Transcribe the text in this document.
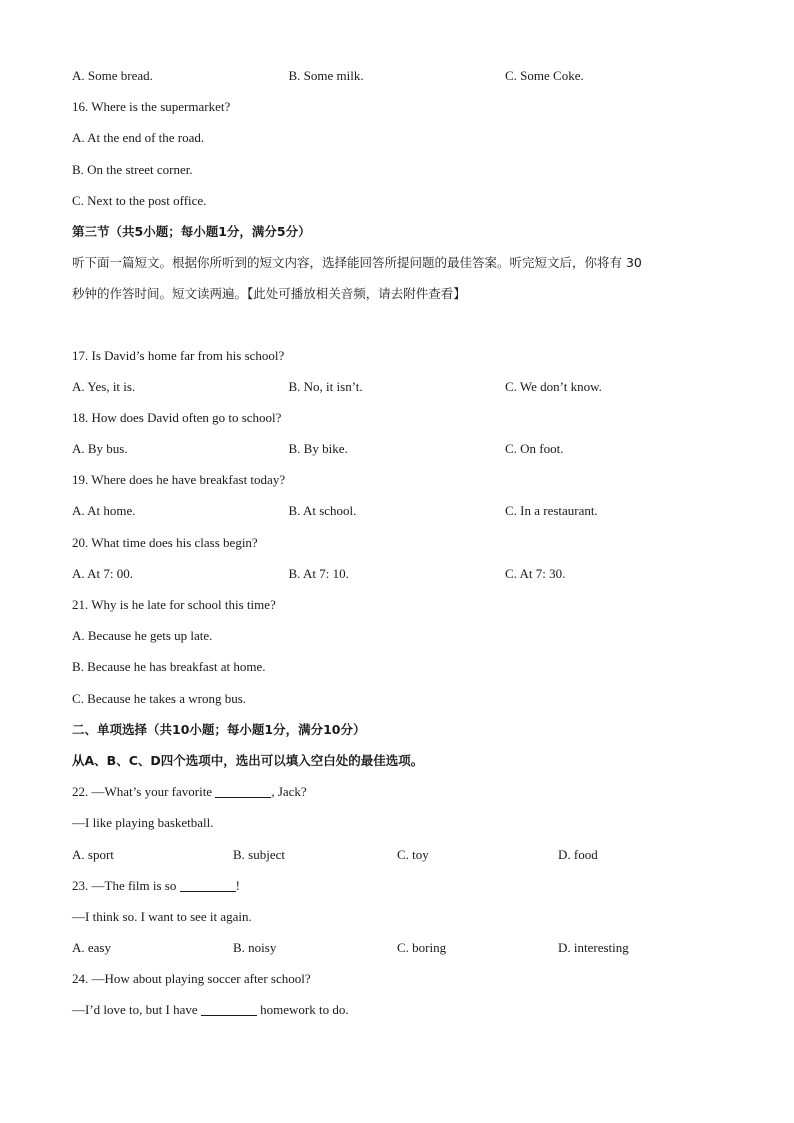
A. Some bread.	B. Some milk.	C. Some Coke.
16. Where is the supermarket?
A. At the end of the road.
B. On the street corner.
C. Next to the post office.
第三节（共5小题；每小题1分，满分5分）
听下面一篇短文。根据你所听到的短文内容，选择能回答所提问题的最佳答案。听完短文后，你将有 30
秒钟的作答时间。短文读两遍。【此处可播放相关音频，请去附件查看】
17. Is David’s home far from his school?
A. Yes, it is.	B. No, it isn’t.	C. We don’t know.
18. How does David often go to school?
A. By bus.	B. By bike.	C. On foot.
19. Where does he have breakfast today?
A. At home.	B. At school.	C. In a restaurant.
20. What time does his class begin?
A. At 7: 00.	B. At 7: 10.	C. At 7: 30.
21. Why is he late for school this time?
A. Because he gets up late.
B. Because he has breakfast at home.
C. Because he takes a wrong bus.
二、单项选择（共10小题；每小题1分，满分10分）
从A、B、C、D四个选项中，选出可以填入空白处的最佳选项。
22. —What’s your favorite	, Jack?
—I like playing basketball.
A. sport	B. subject	C. toy	D. food
23. —The film is so	!
—I think so. I want to see it again.
A. easy	B. noisy	C. boring	D. interesting
24. —How about playing soccer after school?
—I’d love to, but I have	homework to do.
